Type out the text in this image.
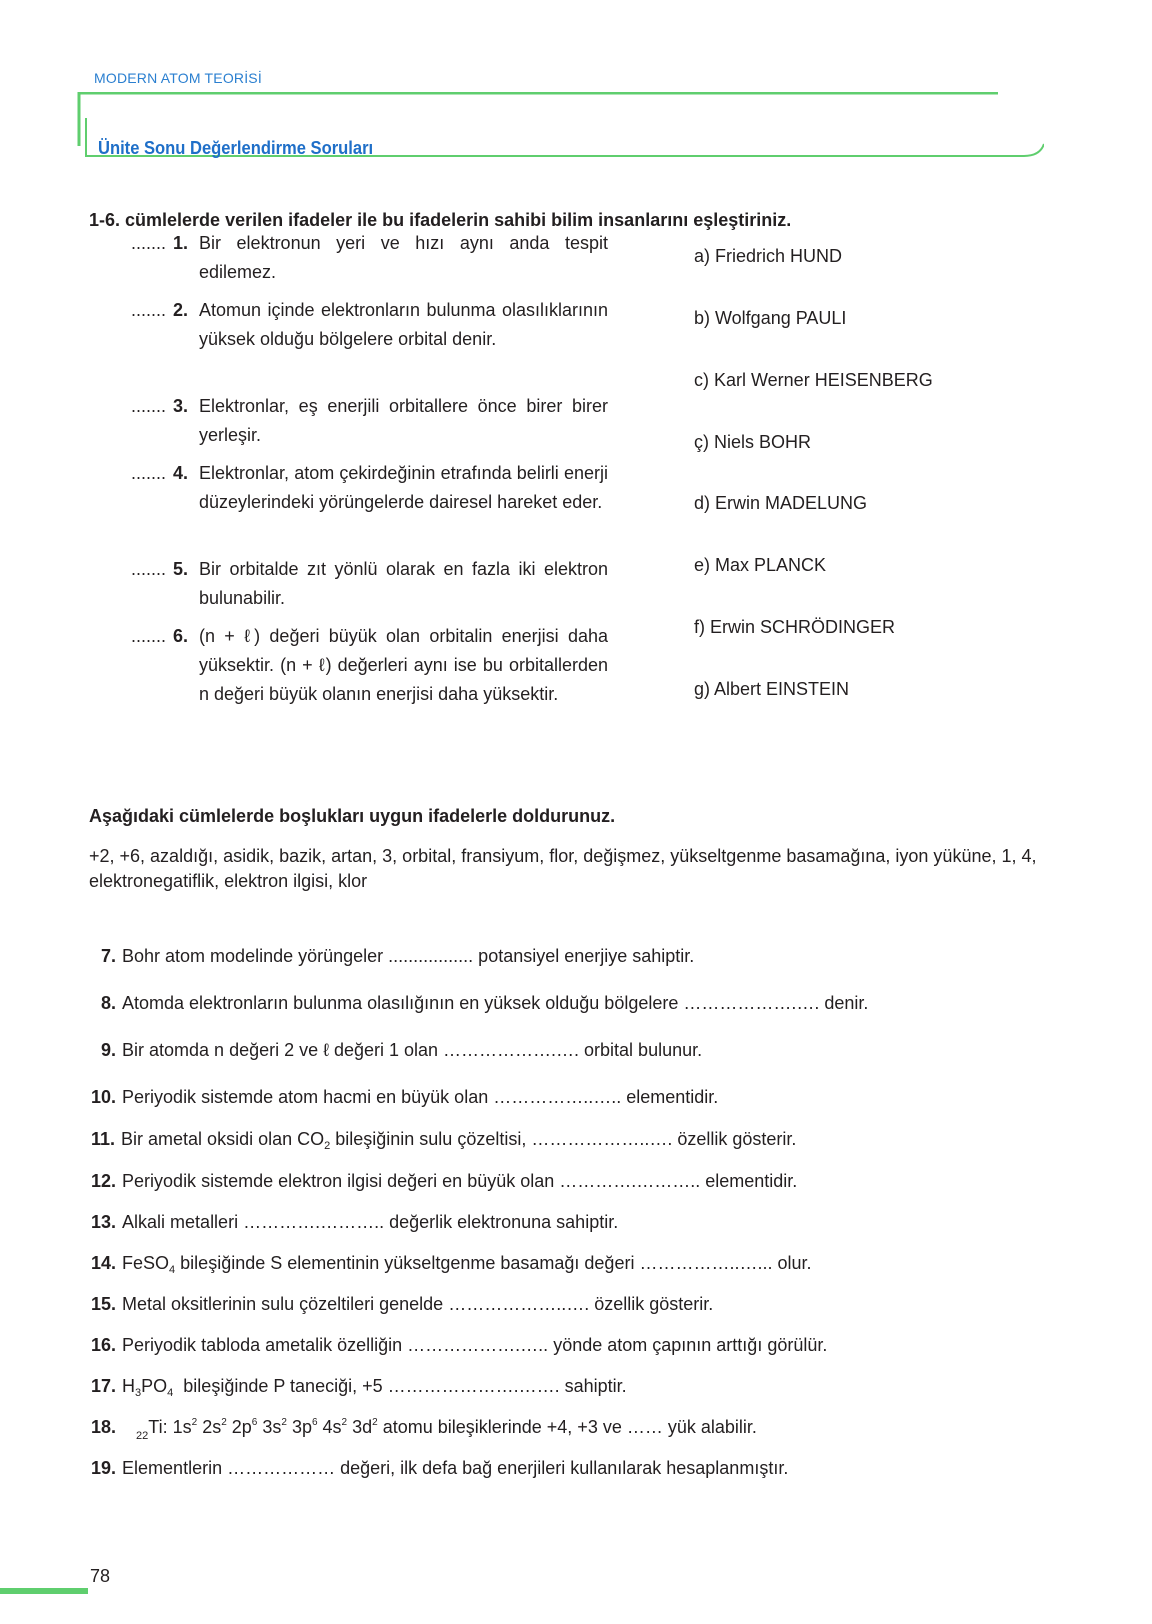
MODERN ATOM TEORİSİ
Ünite Sonu Değerlendirme Soruları
1-6. cümlelerde verilen ifadeler ile bu ifadelerin sahibi bilim insanlarını eşleştiriniz.
....... 1. Bir elektronun yeri ve hızı aynı anda tespit edilemez.
....... 2. Atomun içinde elektronların bulunma olasılıklarının yüksek olduğu bölgelere orbital denir.
....... 3. Elektronlar, eş enerjili orbitallere önce birer birer yerleşir.
....... 4. Elektronlar, atom çekirdeğinin etrafında belirli enerji düzeylerindeki yörüngelerde dairesel hareket eder.
....... 5. Bir orbitalde zıt yönlü olarak en fazla iki elektron bulunabilir.
....... 6. (n + ℓ) değeri büyük olan orbitalin enerjisi daha yüksektir. (n + ℓ) değerleri aynı ise bu orbitallerden n değeri büyük olanın enerjisi daha yüksektir.
a) Friedrich HUND
b) Wolfgang PAULI
c) Karl Werner HEISENBERG
ç) Niels BOHR
d) Erwin MADELUNG
e) Max PLANCK
f) Erwin SCHRÖDINGER
g) Albert EINSTEIN
Aşağıdaki cümlelerde boşlukları uygun ifadelerle doldurunuz.
+2, +6, azaldığı, asidik, bazik, artan, 3, orbital, fransiyum, flor, değişmez, yükseltgenme basamağına, iyon yüküne, 1, 4, elektronegatiflik, elektron ilgisi, klor
7. Bohr atom modelinde yörüngeler ................. potansiyel enerjiye sahiptir.
8. Atomda elektronların bulunma olasılığının en yüksek olduğu bölgelere ……………….…. denir.
9. Bir atomda n değeri 2 ve ℓ değeri 1 olan ……………….…. orbital bulunur.
10. Periyodik sistemde atom hacmi en büyük olan ……………..….. elementidir.
11. Bir ametal oksidi olan $CO_2$ bileşiğinin sulu çözeltisi, ………………..…. özellik gösterir.
12. Periyodik sistemde elektron ilgisi değeri en büyük olan ………….……….. elementidir.
13. Alkali metalleri ………….……….. değerlik elektronuna sahiptir.
14. FeSO$_4$ bileşiğinde S elementinin yükseltgenme basamağı değeri ……………..…... olur.
15. Metal oksitlerinin sulu çözeltileri genelde ………………..…. özellik gösterir.
16. Periyodik tabloda ametalik özelliğin ……………….….. yönde atom çapının arttığı görülür.
17. $H_3PO_4$  bileşiğinde P taneciği, +5 ………………….……. sahiptir.
18. $_{22}$Ti: $1s^2$ $2s^2$ $2p^6$ $3s^2$ $3p^6$ $4s^2$ $3d^2$ atomu bileşiklerinde +4, +3 ve …… yük alabilir.
19. Elementlerin ……………… değeri, ilk defa bağ enerjileri kullanılarak hesaplanmıştır.
78
